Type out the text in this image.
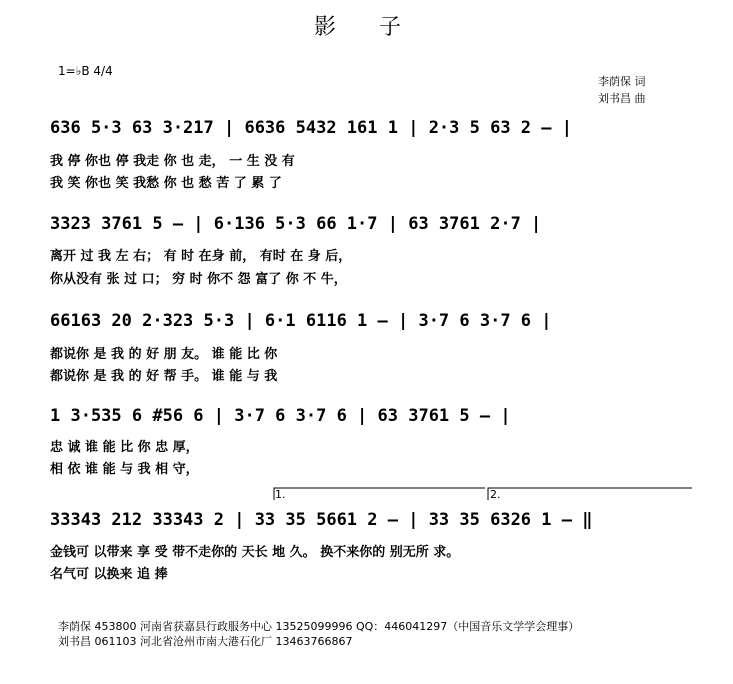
影 子
1=♭B 4/4
李荫保 词
刘书昌 曲
636 5·3 63 3·217 | 6636 5432 161 1 | 2·3 5 63 2 – |
我 停 你也 停 我走 你 也 走， 一 生 没 有
我 笑 你也 笑 我愁 你 也 愁 苦 了 累 了
3323 3761 5 – | 6·136 5·3 66 1·7 | 63 3761 2·7 |
离开 过 我 左 右； 有 时 在身 前， 有时 在 身 后，
你从没有 张 过 口； 穷 时 你不 怨 富了 你 不 牛，
66163 20 2·323 5·3 | 6·1 6116 1 – | 3·7 6 3·7 6 |
都说你 是 我 的 好 朋 友。 谁 能 比 你
都说你 是 我 的 好 帮 手。 谁 能 与 我
1 3·535 6 #56 6 | 3·7 6 3·7 6 | 63 3761 5 – |
忠 诚 谁 能 比 你 忠 厚，
相 依 谁 能 与 我 相 守，
1.	2.
33343 212 33343 2 | 33 35 5661 2 – | 33 35 6326 1 – ‖
金钱可 以带来 享 受 带不走你的 天长 地 久。 换不来你的 别无所 求。
名气可 以换来 追 捧
李荫保 453800 河南省获嘉县行政服务中心 13525099996 QQ：446041297（中国音乐文学学会理事）
刘书昌 061103 河北省沧州市南大港石化厂 13463766867
